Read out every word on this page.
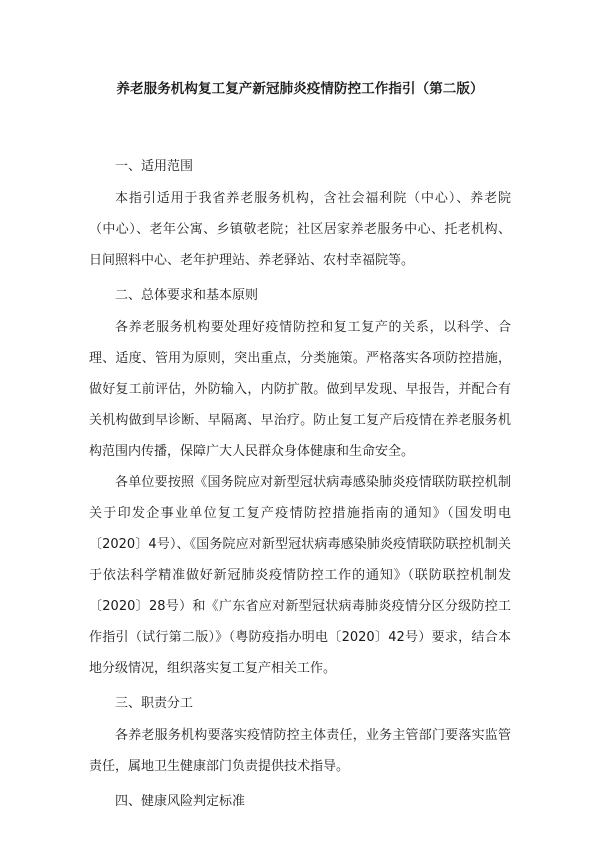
养老服务机构复工复产新冠肺炎疫情防控工作指引（第二版）
一、适用范围

本指引适用于我省养老服务机构，含社会福利院（中心）、养老院（中心）、老年公寓、乡镇敬老院；社区居家养老服务中心、托老机构、日间照料中心、老年护理站、养老驿站、农村幸福院等。

二、总体要求和基本原则

各养老服务机构要处理好疫情防控和复工复产的关系，以科学、合理、适度、管用为原则，突出重点，分类施策。严格落实各项防控措施，做好复工前评估，外防输入，内防扩散。做到早发现、早报告，并配合有关机构做到早诊断、早隔离、早治疗。防止复工复产后疫情在养老服务机构范围内传播，保障广大人民群众身体健康和生命安全。

各单位要按照《国务院应对新型冠状病毒感染肺炎疫情联防联控机制关于印发企事业单位复工复产疫情防控措施指南的通知》（国发明电〔2020〕4号）、《国务院应对新型冠状病毒感染肺炎疫情联防联控机制关于依法科学精准做好新冠肺炎疫情防控工作的通知》（联防联控机制发〔2020〕28号）和《广东省应对新型冠状病毒肺炎疫情分区分级防控工作指引（试行第二版）》（粤防疫指办明电〔2020〕42号）要求，结合本地分级情况，组织落实复工复产相关工作。

三、职责分工

各养老服务机构要落实疫情防控主体责任，业务主管部门要落实监管责任，属地卫生健康部门负责提供技术指导。

四、健康风险判定标准
